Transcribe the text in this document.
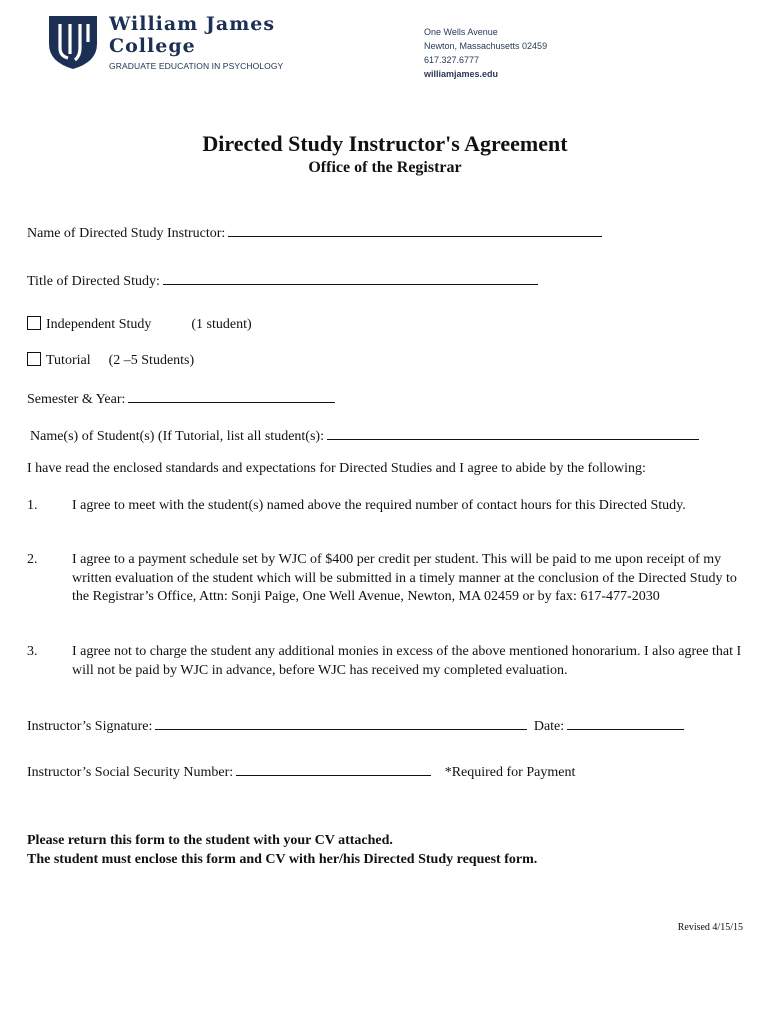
William James
College
GRADUATE EDUCATION IN PSYCHOLOGY
One Wells Avenue
Newton, Massachusetts 02459
617.327.6777
williamjames.edu
Directed Study Instructor's Agreement
Office of the Registrar
Name of Directed Study Instructor:
Title of Directed Study:
Independent Study	(1 student)
Tutorial (2 –5 Students)
Semester & Year:
Name(s) of Student(s) (If Tutorial, list all student(s):
I have read the enclosed standards and expectations for Directed Studies and I agree to abide by the following:
1. I agree to meet with the student(s) named above the required number of contact hours for this Directed Study.
2. I agree to a payment schedule set by WJC of $400 per credit per student. This will be paid to me upon receipt of my written evaluation of the student which will be submitted in a timely manner at the conclusion of the Directed Study to the Registrar’s Office, Attn: Sonji Paige, One Well Avenue, Newton, MA 02459 or by fax: 617-477-2030
3. I agree not to charge the student any additional monies in excess of the above mentioned honorarium. I also agree that I will not be paid by WJC in advance, before WJC has received my completed evaluation.
Instructor’s Signature:	Date:
Instructor’s Social Security Number:	*Required for Payment
Please return this form to the student with your CV attached.
The student must enclose this form and CV with her/his Directed Study request form.
Revised 4/15/15
